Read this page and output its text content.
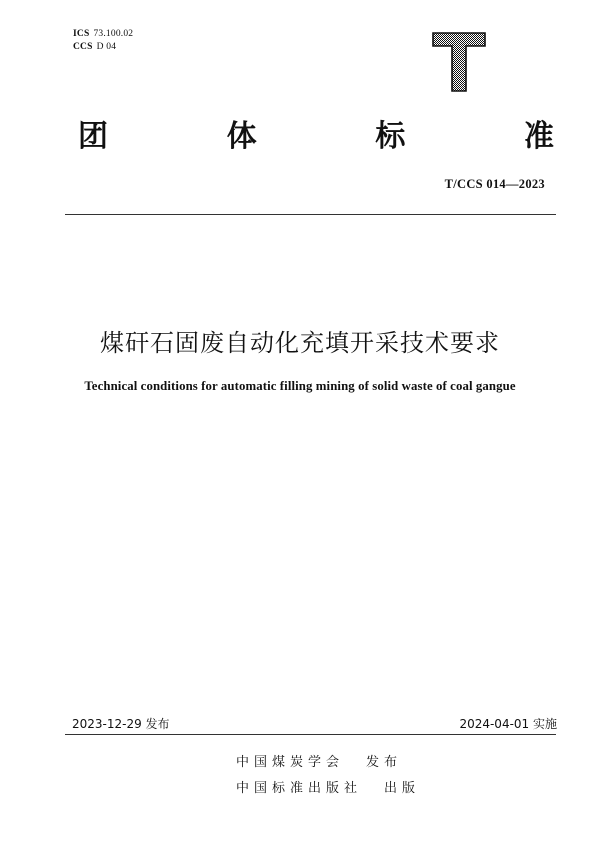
ICS 73.100.02
CCS D 04
团	体	标	准
T/CCS 014—2023
煤矸石固废自动化充填开采技术要求
Technical conditions for automatic filling mining of solid waste of coal gangue
2023-12-29 发布	2024-04-01 实施
中国煤炭学会 发布
中国标准出版社 出版
